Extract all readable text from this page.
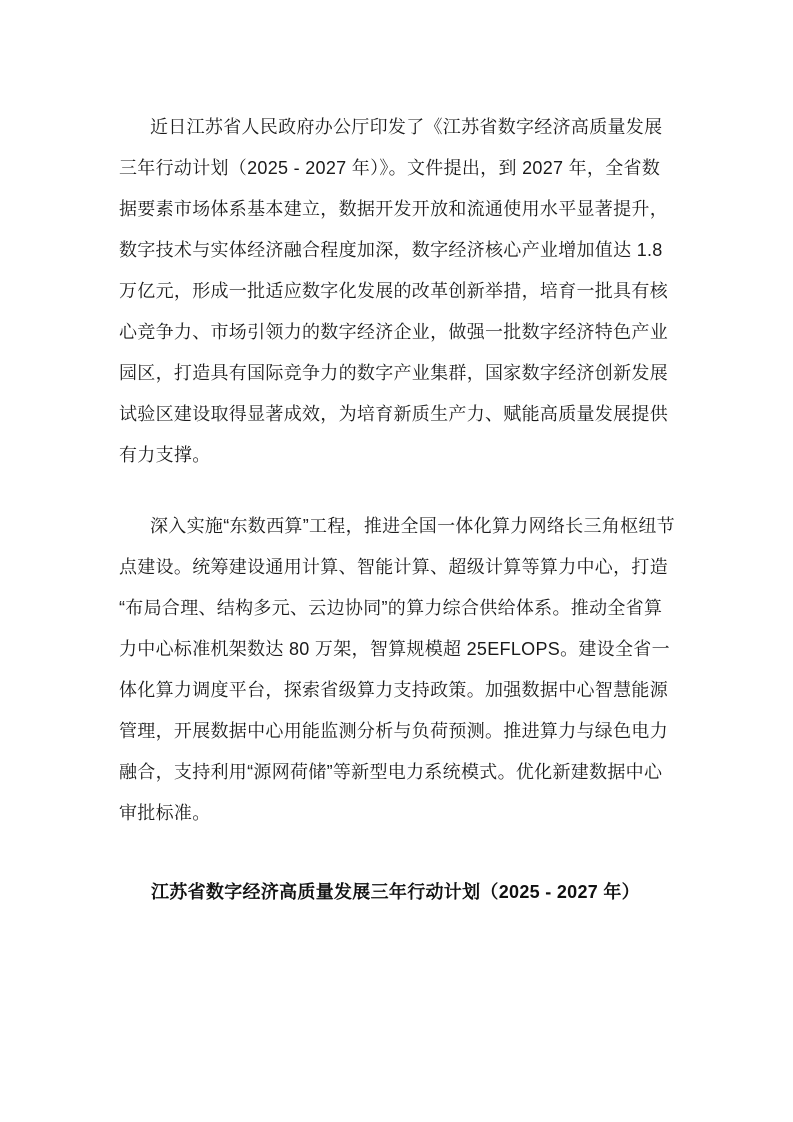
近日江苏省人民政府办公厅印发了《江苏省数字经济高质量发展
三年行动计划（2025 - 2027 年）》。文件提出，到 2027 年，全省数
据要素市场体系基本建立，数据开发开放和流通使用水平显著提升，
数字技术与实体经济融合程度加深，数字经济核心产业增加值达 1.8
万亿元，形成一批适应数字化发展的改革创新举措，培育一批具有核
心竞争力、市场引领力的数字经济企业，做强一批数字经济特色产业
园区，打造具有国际竞争力的数字产业集群，国家数字经济创新发展
试验区建设取得显著成效，为培育新质生产力、赋能高质量发展提供
有力支撑。
深入实施“东数西算”工程，推进全国一体化算力网络长三角枢纽节
点建设。统筹建设通用计算、智能计算、超级计算等算力中心，打造
“布局合理、结构多元、云边协同”的算力综合供给体系。推动全省算
力中心标准机架数达 80 万架，智算规模超 25EFLOPS。建设全省一
体化算力调度平台，探索省级算力支持政策。加强数据中心智慧能源
管理，开展数据中心用能监测分析与负荷预测。推进算力与绿色电力
融合，支持利用“源网荷储”等新型电力系统模式。优化新建数据中心
审批标准。
江苏省数字经济高质量发展三年行动计划（2025 - 2027 年）
